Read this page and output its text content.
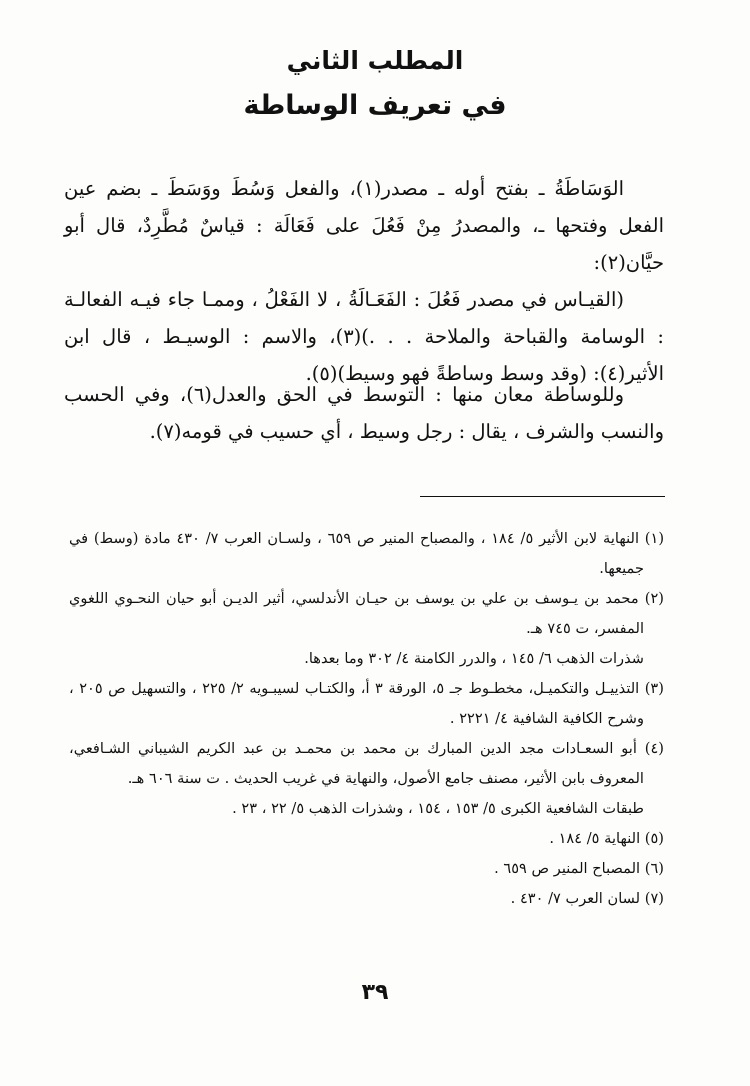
المطلب الثاني
في تعريف الوساطة

الوَسَاطَةُ ـ بفتح أوله ـ مصدر(١)، والفعل وَسُطَ ووَسَطَ ـ بضم عين الفعل وفتحها ـ، والمصدرُ مِنْ فَعُلَ على فَعَالَة : قياسٌ مُطَّرِدٌ، قال أبو حيَّان(٢):

(القيـاس في مصدر فَعُلَ : الفَعَـالَةُ ، لا الفَعْلُ ، وممـا جاء فيـه الفعالـة : الوسامة والقباحة والملاحة . . .)(٣)، والاسم : الوسيـط ، قال ابن الأثير(٤): (وقد وسط وساطةً فهو وسيط)(٥).

وللوساطة معان منها : التوسط في الحق والعدل(٦)، وفي الحسب والنسب والشرف ، يقال : رجل وسيط ، أي حسيب في قومه(٧).

(١) النهاية لابن الأثير ٥/ ١٨٤ ، والمصباح المنير ص ٦٥٩ ، ولسـان العرب ٧/ ٤٣٠ مادة (وسط) في جميعها.

(٢) محمد بن يـوسف بن علي بن يوسف بن حيـان الأندلسي، أثير الديـن أبو حيان النحـوي اللغوي المفسر، ت ٧٤٥ هـ.

شذرات الذهب ٦/ ١٤٥ ، والدرر الكامنة ٤/ ٣٠٢ وما بعدها.

(٣) التذييـل والتكميـل، مخطـوط جـ ٥، الورقة ٣ أ، والكتـاب لسيبـويه ٢/ ٢٢٥ ، والتسهيل ص ٢٠٥ ، وشرح الكافية الشافية ٤/ ٢٢٢١ .

(٤) أبو السعـادات مجد الدين المبارك بن محمد بن محمـد بن عبد الكريم الشيباني الشـافعي، المعروف بابن الأثير، مصنف جامع الأصول، والنهاية في غريب الحديث . ت سنة ٦٠٦ هـ.

طبقات الشافعية الكبرى ٥/ ١٥٣ ، ١٥٤ ، وشذرات الذهب ٥/ ٢٢ ، ٢٣ .

(٥) النهاية ٥/ ١٨٤ .

(٦) المصباح المنير ص ٦٥٩ .

(٧) لسان العرب ٧/ ٤٣٠ .

٣٩
